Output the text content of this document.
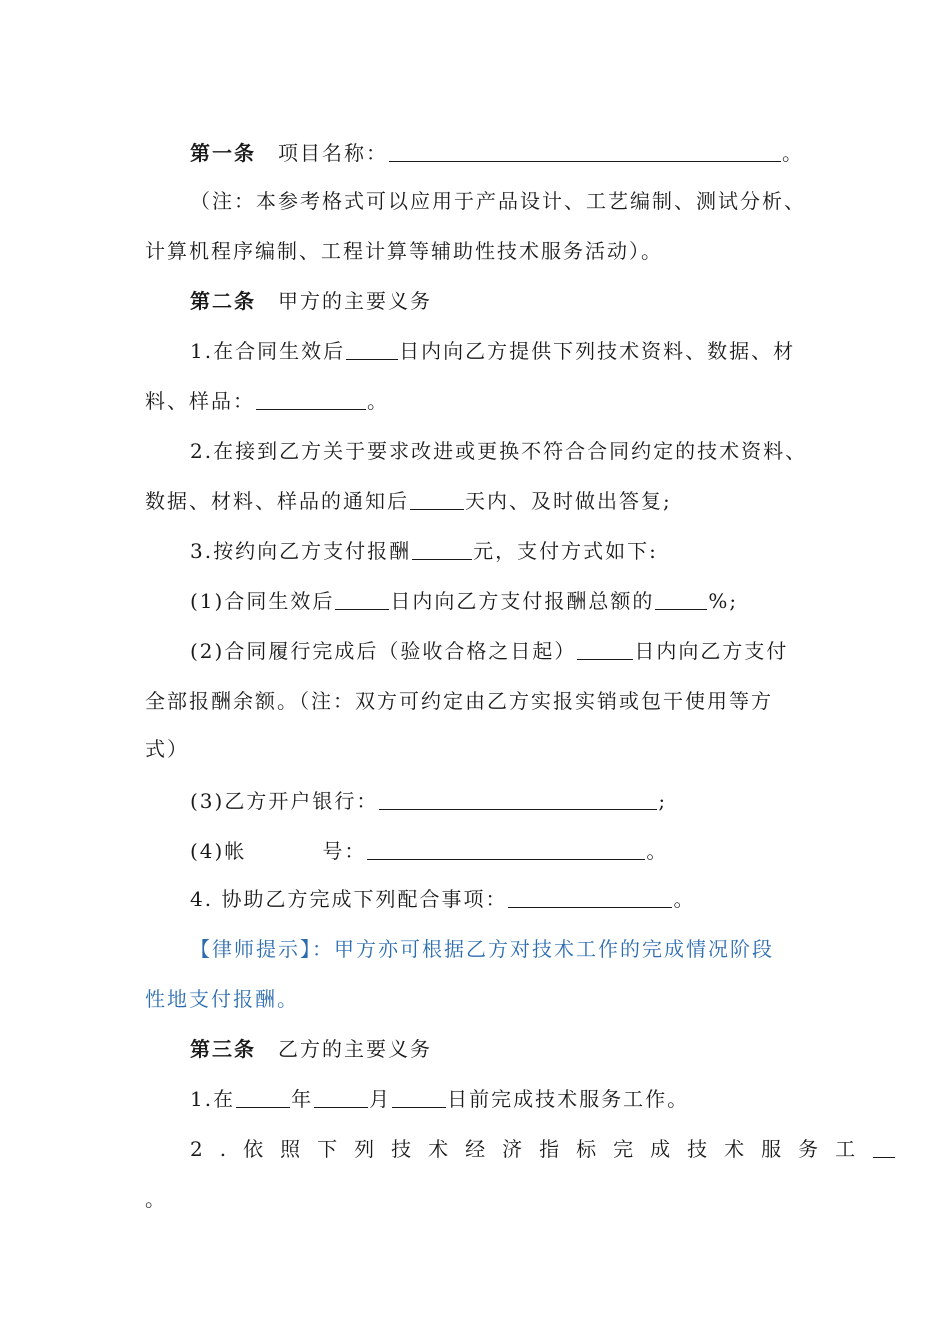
第一条 项目名称：	。
（注：本参考格式可以应用于产品设计、工艺编制、测试分析、
计算机程序编制、工程计算等辅助性技术服务活动）。
第二条 甲方的主要义务
1.在合同生效后	日内向乙方提供下列技术资料、数据、材
料、样品：	。
2.在接到乙方关于要求改进或更换不符合合同约定的技术资料、
数据、材料、样品的通知后	天内、及时做出答复;
3.按约向乙方支付报酬	元，支付方式如下:
(1)合同生效后	日内向乙方支付报酬总额的	%;
(2)合同履行完成后（验收合格之日起）	日内向乙方支付
全部报酬余额。（注：双方可约定由乙方实报实销或包干使用等方
式）
(3)乙方开户银行：	;
(4)帐	号：	。
4. 协助乙方完成下列配合事项：	。
【律师提示】：甲方亦可根据乙方对技术工作的完成情况阶段
性地支付报酬。
第三条 乙方的主要义务
1.在	年	月	日前完成技术服务工作。
2.依照下列技术经济指标完成技术服务工
。
